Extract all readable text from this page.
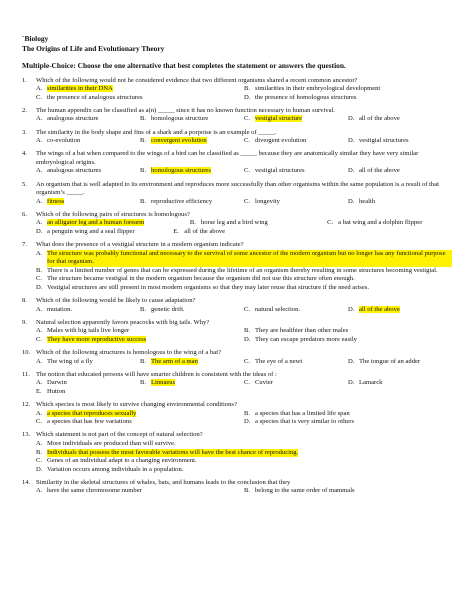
`Biology
The Origins of Life and Evolutionary Theory
Multiple-Choice: Choose the one alternative that best completes the statement or answers the question.
1.	Which of the following would not be considered evidence that two different organisms shared a recent common ancestor?
A. similarities in their DNA	B. similarities in their embryological development
C. the presence of analogous structures	D. the presence of homologous structures
2.	The human appendix can be classified as a(n) _____ since it has no known function necessary to human survival.
A. analogous structure	B. homologous structure	C. vestigial structure	D. all of the above
3.	The similarity in the body shape and fins of a shark and a porpoise is an example of _____.
A. co-evolution	B. convergent evolution	C. divergent evolution	D. vestigial structures
4.	The wings of a bat when compared to the wings of a bird can be classified as _____ because they are anatomically similar they have very similar embryological origins.
A. analogous structures	B. homologous structures	C. vestigial structures	D. all of the above
5.	An organism that is well adapted to its environment and reproduces more successfully than other organisms within the same population is a result of that organism’s _____.
A. fitness	B. reproductive efficiency	C. longevity	D. health
6.	Which of the following pairs of structures is homologous?
A. an alligator leg and a human forearm	B. horse leg and a bird wing	C. a bat wing and a dolphin flipper
D. a penguin wing and a seal flipper	E. all of the above
7.	What does the presence of a vestigial structure in a modern organism indicate?
A. The structure was probably functional and necessary to the survival of some ancestor of the modern organism but no longer has any functional purpose for that organism.
B. There is a limited number of genes that can be expressed during the lifetime of an organism thereby resulting in some structures becoming vestigial.
C. The structure became vestigial in the modern organism because the organism did not use this structure often enough.
D. Vestigial structures are still present in most modern organisms so that they may later reuse that structure if the need arises.
8.	Which of the following would be likely to cause adaptation?
A. mutation.	B. genetic drift.	C. natural selection.	D. all of the above
9.	Natural selection apparently favors peacocks with big tails. Why?
A. Males with big tails live longer	B. They are healthier than other males
C. They have more reproductive success	D. They can escape predators more easily
10. Which of the following structures is homologous to the wing of a bat?
A. The wing of a fly	B. The arm of a man	C. The eye of a newt	D. The tongue of an adder
11. The notion that educated persons will have smarter children is consistent with the ideas of :
A. Darwin	B. Linnaeus	C. Cuvier	D. Lamarck
E. Hutton
12. Which species is most likely to survive changing environmental conditions?
A. a species that reproduces sexually	B. a species that has a limited life span
C. a species that has few variations	D. a species that is very similar to others
13. Which statement is not part of the concept of natural selection?
A. More individuals are produced than will survive.
B. Individuals that possess the most favorable variations will have the best chance of reproducing.
C. Genes of an individual adapt to a changing environment.
D. Variation occurs among individuals in a population.
14. Similarity in the skeletal structures of whales, bats, and humans leads to the conclusion that they
A. have the same chromosome number	B. belong to the same order of mammals
